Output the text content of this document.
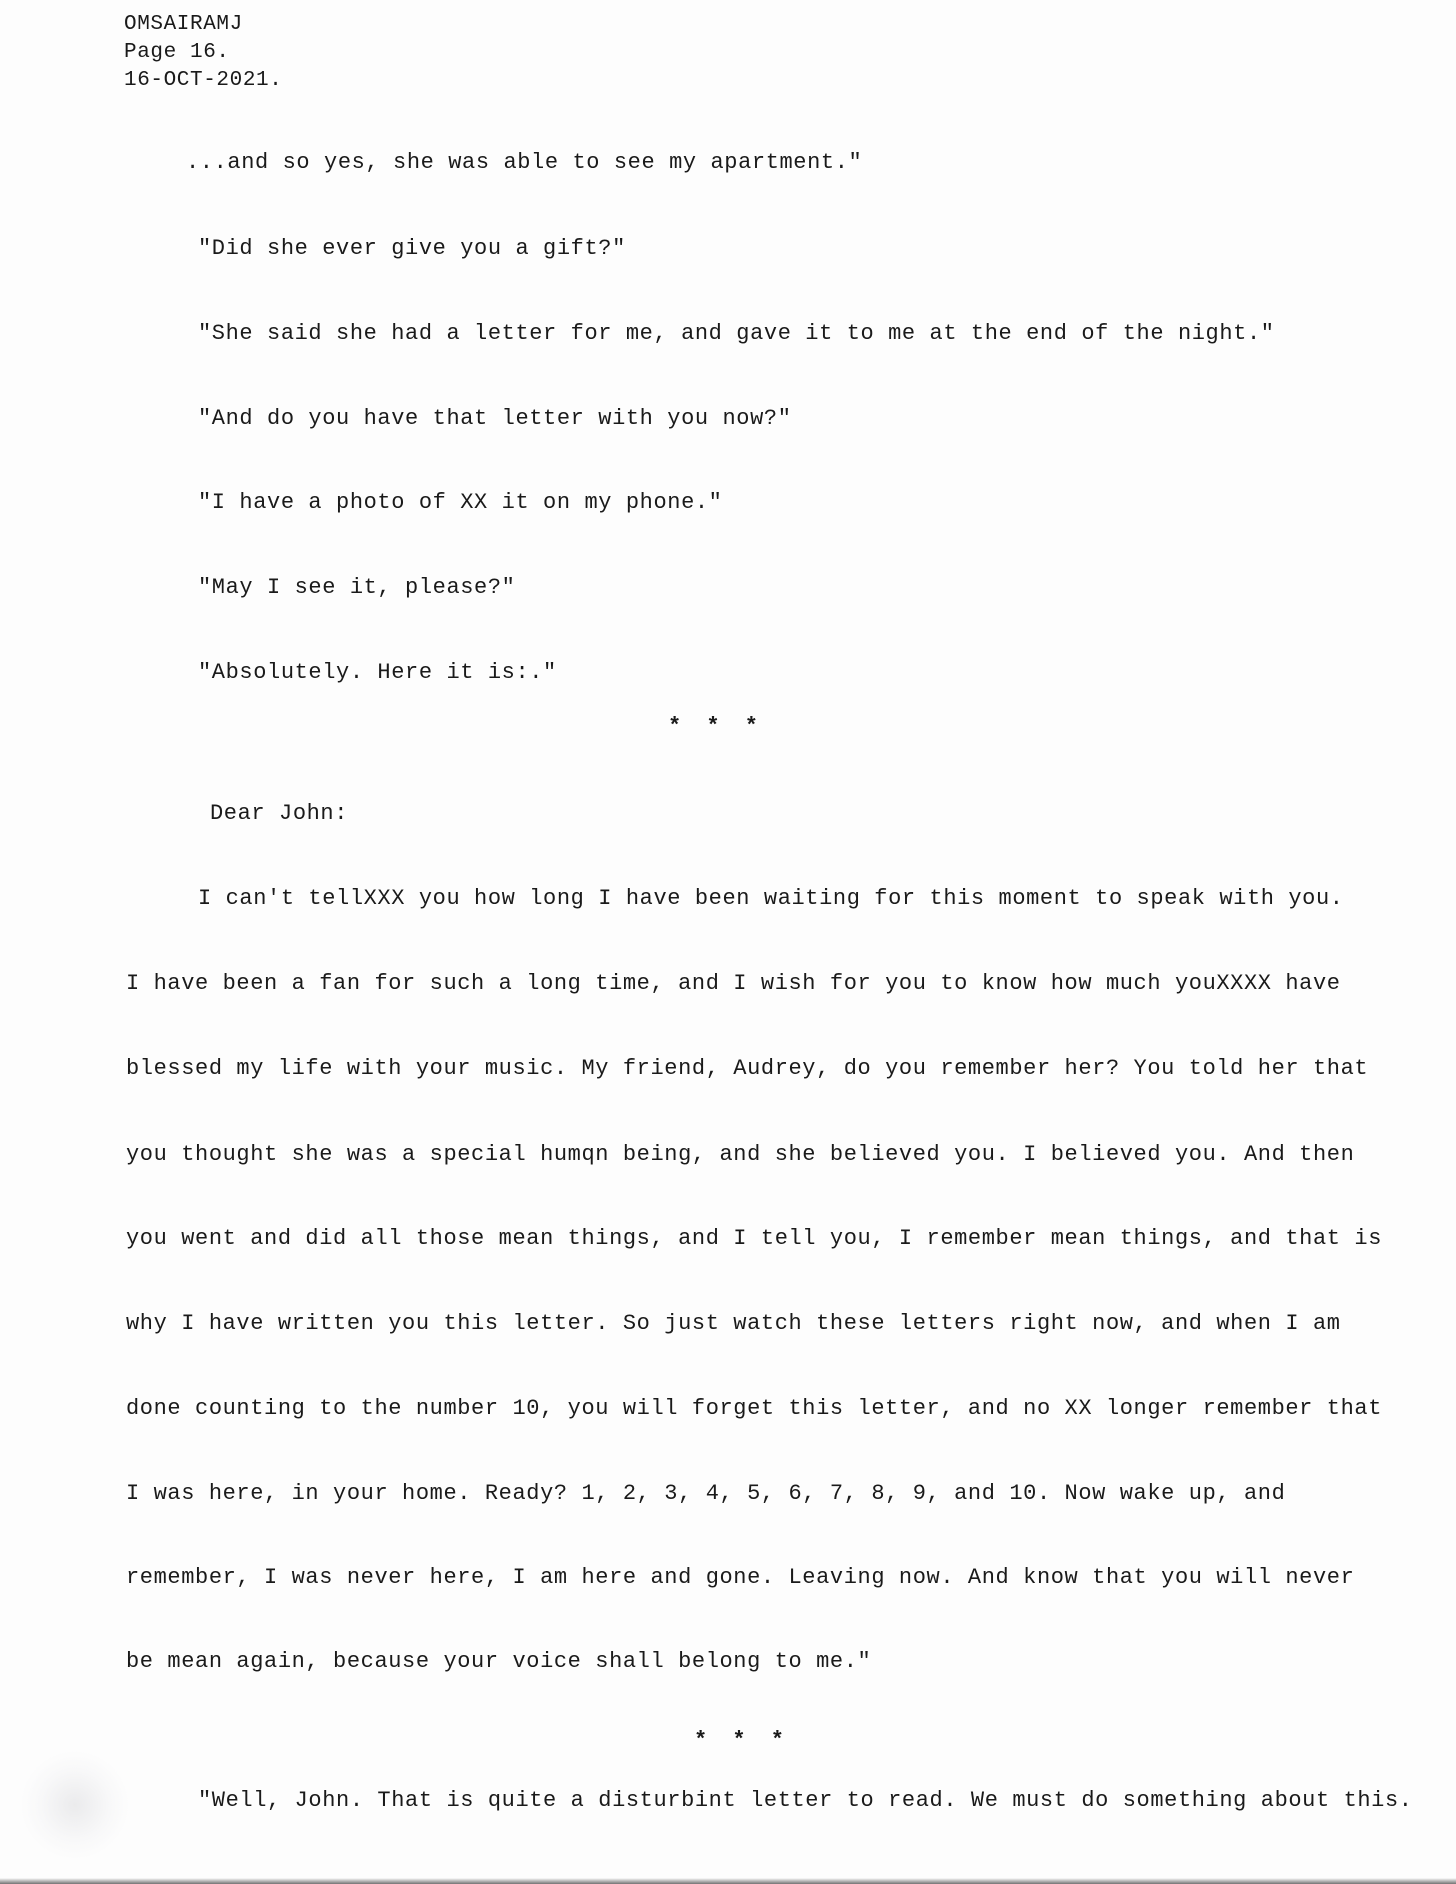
OMSAIRAMJ
Page 16.
16-OCT-2021.
...and so yes, she was able to see my apartment."
"Did she ever give you a gift?"
"She said she had a letter for me, and gave it to me at the end of the night."
"And do you have that letter with you now?"
"I have a photo of XX it on my phone."
"May I see it, please?"
"Absolutely. Here it is:."
* * *
Dear John:
I can't tellXXX you how long I have been waiting for this moment to speak with you.
I have been a fan for such a long time, and I wish for you to know how much youXXXX have
blessed my life with your music. My friend, Audrey, do you remember her? You told her that
you thought she was a special humqn being, and she believed you. I believed you. And then
you went and did all those mean things, and I tell you, I remember mean things, and that is
why I have written you this letter. So just watch these letters right now, and when I am
done counting to the number 10, you will forget this letter, and no XX longer remember that
I was here, in your home. Ready? 1, 2, 3, 4, 5, 6, 7, 8, 9, and 10. Now wake up, and
remember, I was never here, I am here and gone. Leaving now. And know that you will never
be mean again, because your voice shall belong to me."
* * *
"Well, John. That is quite a disturbint letter to read. We must do something about this.
